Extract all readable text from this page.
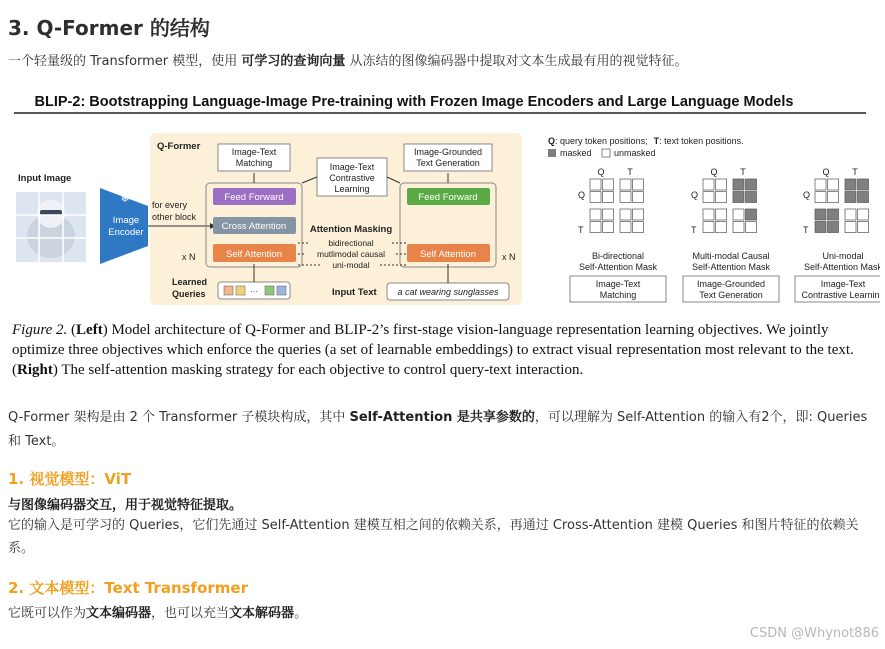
3. Q-Former 的结构
一个轻量级的 Transformer 模型，使用 可学习的查询向量 从冻结的图像编码器中提取对文本生成最有用的视觉特征。
BLIP-2: Bootstrapping Language-Image Pre-training with Frozen Image Encoders and Large Language Models
Input Image
❄
Image
Encoder
Q-Former
for every
other block
Feed Forward
Cross Attention
Self Attention
x N
Image-Text
Matching	Image-Text
Contrastive
Learning
Image-Grounded
Text Generation
Feed Forward
Self Attention	x N
Attention Masking
bidirectional
mutlimodal causal
uni-modal
Learned
Queries	···	Input Text a cat wearing sunglasses
Q: query token positions; T: text token positions.
masked unmasked
Q	T
Q
T
Bi-directional
Self-Attention Mask
Image-Text
Matching
Q	T
Q
T
Multi-modal Causal
Self-Attention Mask
Image-Grounded
Text Generation
Q	T
Q
T
Uni-modal
Self-Attention Mask
Image-Text
Contrastive Learning
Figure 2. (Left) Model architecture of Q-Former and BLIP-2’s first-stage vision-language representation learning objectives. We jointly optimize three objectives which enforce the queries (a set of learnable embeddings) to extract visual representation most relevant to the text. (Right) The self-attention masking strategy for each objective to control query-text interaction.
Q-Former 架构是由 2 个 Transformer 子模块构成，其中 Self-Attention 是共享参数的，可以理解为 Self-Attention 的输入有2个，即: Queries 和 Text。
1. 视觉模型：ViT
与图像编码器交互，用于视觉特征提取。
它的输入是可学习的 Queries，它们先通过 Self-Attention 建模互相之间的依赖关系，再通过 Cross-Attention 建模 Queries 和图片特征的依赖关系。
2. 文本模型：Text Transformer
它既可以作为文本编码器，也可以充当文本解码器。
CSDN @Whynot886
